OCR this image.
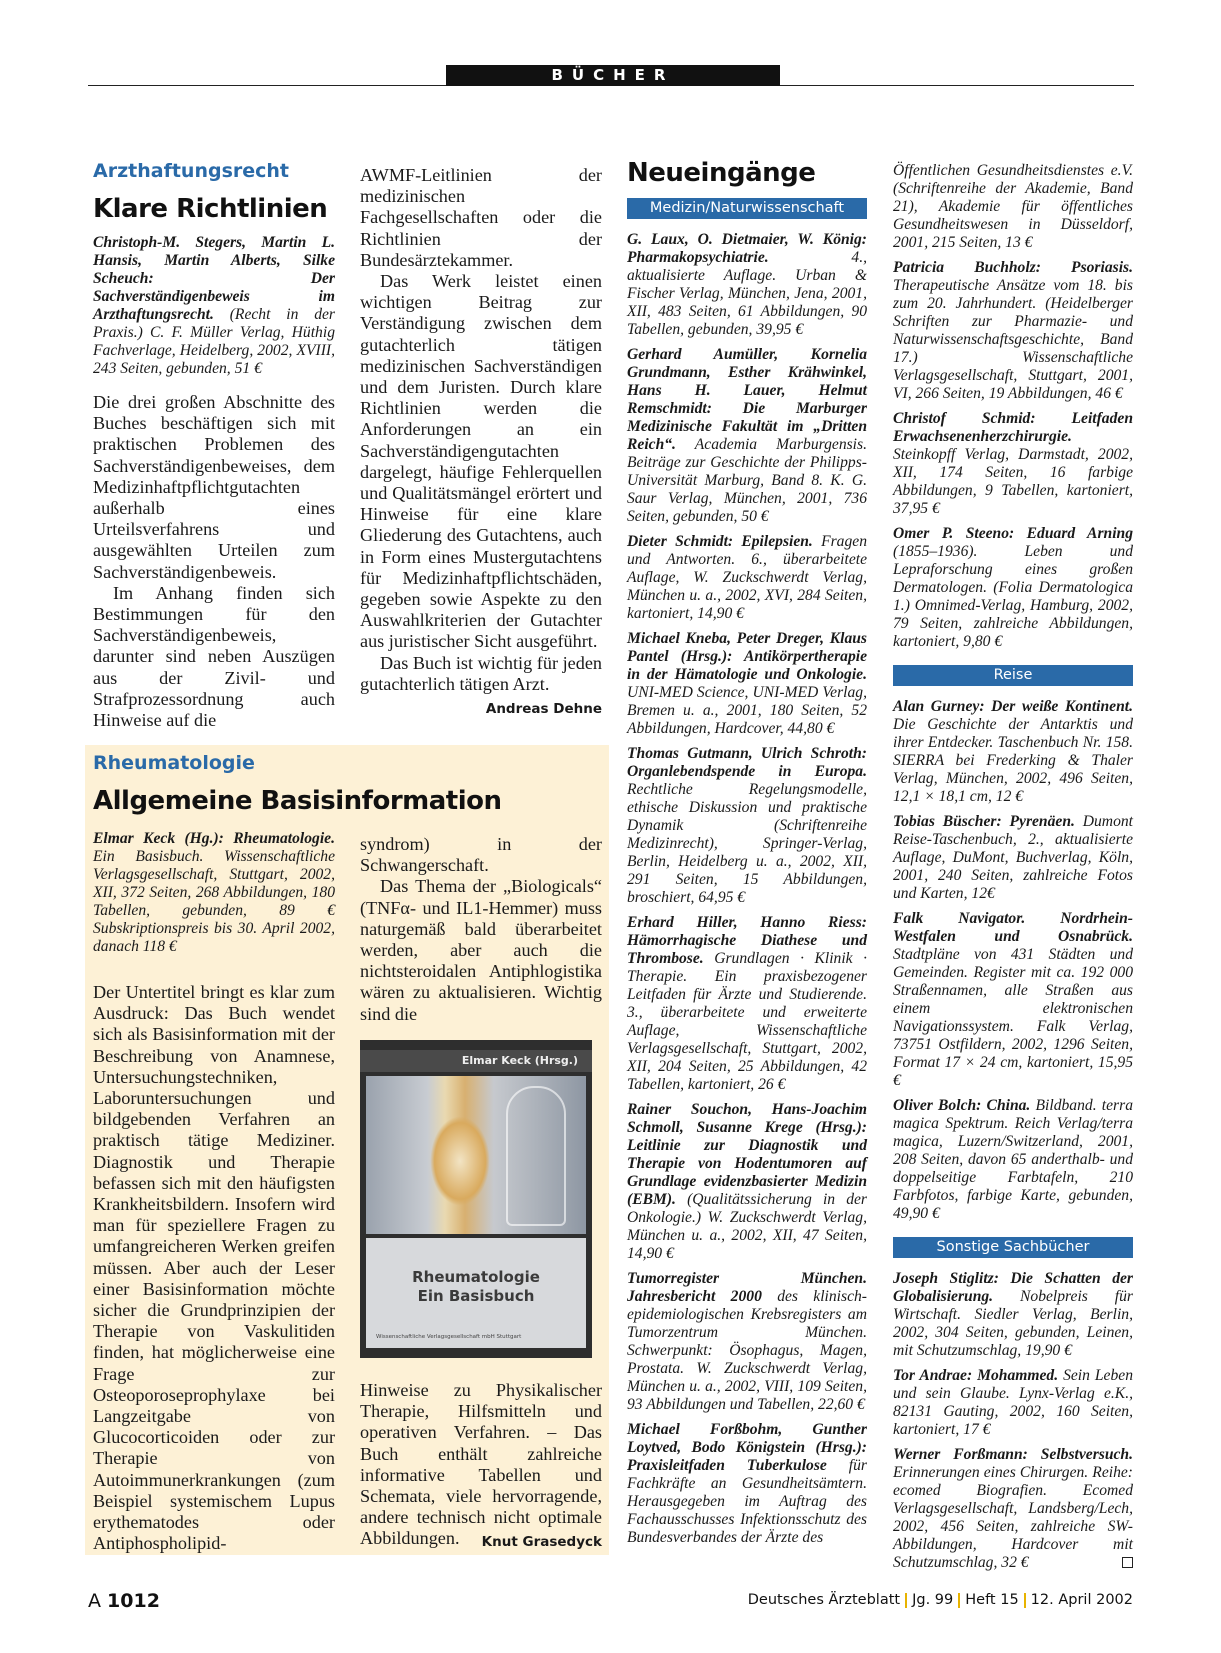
BÜCHER
Arzthaftungsrecht
Klare Richtlinien

Christoph-M. Stegers, Martin L. Hansis, Martin Alberts, Silke Scheuch: Der Sachverständigenbeweis im Arzthaftungsrecht. (Recht in der Praxis.) C. F. Müller Verlag, Hüthig Fachverlage, Heidelberg, 2002, XVIII, 243 Seiten, gebunden, 51 €

Die drei großen Abschnitte des Buches beschäftigen sich mit praktischen Problemen des Sachverständigenbeweises, dem Medizinhaftpflichtgutachten außerhalb eines Urteilsverfahrens und ausgewählten Urteilen zum Sachverständigenbeweis.

Im Anhang finden sich Bestimmungen für den Sachverständigenbeweis, darunter sind neben Auszügen aus der Zivil- und Strafprozessordnung auch Hinweise auf die

AWMF-Leitlinien der medizinischen Fachgesellschaften oder die Richtlinien der Bundesärztekammer.

Das Werk leistet einen wichtigen Beitrag zur Verständigung zwischen dem gutachterlich tätigen medizinischen Sachverständigen und dem Juristen. Durch klare Richtlinien werden die Anforderungen an ein Sachverständigengutachten dargelegt, häufige Fehlerquellen und Qualitätsmängel erörtert und Hinweise für eine klare Gliederung des Gutachtens, auch in Form eines Mustergutachtens für Medizinhaftpflichtschäden, gegeben sowie Aspekte zu den Auswahlkriterien der Gutachter aus juristischer Sicht ausgeführt.

Das Buch ist wichtig für jeden gutachterlich tätigen Arzt.
Andreas Dehne

Rheumatologie
Allgemeine Basisinformation

Elmar Keck (Hg.): Rheumatologie. Ein Basisbuch. Wissenschaftliche Verlagsgesellschaft, Stuttgart, 2002, XII, 372 Seiten, 268 Abbildungen, 180 Tabellen, gebunden, 89 € Subskriptionspreis bis 30. April 2002, danach 118 €

Der Untertitel bringt es klar zum Ausdruck: Das Buch wendet sich als Basisinformation mit der Beschreibung von Anamnese, Untersuchungstechniken, Laboruntersuchungen und bildgebenden Verfahren an praktisch tätige Mediziner. Diagnostik und Therapie befassen sich mit den häufigsten Krankheitsbildern. Insofern wird man für speziellere Fragen zu umfangreicheren Werken greifen müssen. Aber auch der Leser einer Basisinformation möchte sicher die Grundprinzipien der Therapie von Vaskulitiden finden, hat möglicherweise eine Frage zur Osteoporoseprophylaxe bei Langzeitgabe von Glucocorticoiden oder zur Therapie von Autoimmunerkrankungen (zum Beispiel systemischem Lupus erythematodes oder Antiphospholipid-

syndrom) in der Schwangerschaft.

Das Thema der „Biologicals“ (TNFα- und IL1-Hemmer) muss naturgemäß bald überarbeitet werden, aber auch die nichtsteroidalen Antiphlogistika wären zu aktualisieren. Wichtig sind die

Elmar Keck (Hrsg.)
Rheumatologie
Ein Basisbuch
Wissenschaftliche Verlagsgesellschaft mbH Stuttgart

Hinweise zu Physikalischer Therapie, Hilfsmitteln und operativen Verfahren. – Das Buch enthält zahlreiche informative Tabellen und Schemata, viele hervorragende, andere technisch nicht optimale Abbildungen. Knut Grasedyck

Neueingänge
Medizin/Naturwissenschaft

G. Laux, O. Dietmaier, W. König: Pharmakopsychiatrie. 4., aktualisierte Auflage. Urban & Fischer Verlag, München, Jena, 2001, XII, 483 Seiten, 61 Abbildungen, 90 Tabellen, gebunden, 39,95 €

Gerhard Aumüller, Kornelia Grundmann, Esther Krähwinkel, Hans H. Lauer, Helmut Remschmidt: Die Marburger Medizinische Fakultät im „Dritten Reich“. Academia Marburgensis. Beiträge zur Geschichte der Philipps-Universität Marburg, Band 8. K. G. Saur Verlag, München, 2001, 736 Seiten, gebunden, 50 €

Dieter Schmidt: Epilepsien. Fragen und Antworten. 6., überarbeitete Auflage, W. Zuckschwerdt Verlag, München u. a., 2002, XVI, 284 Seiten, kartoniert, 14,90 €

Michael Kneba, Peter Dreger, Klaus Pantel (Hrsg.): Antikörpertherapie in der Hämatologie und Onkologie. UNI-MED Science, UNI-MED Verlag, Bremen u. a., 2001, 180 Seiten, 52 Abbildungen, Hardcover, 44,80 €

Thomas Gutmann, Ulrich Schroth: Organlebendspende in Europa. Rechtliche Regelungsmodelle, ethische Diskussion und praktische Dynamik (Schriftenreihe Medizinrecht), Springer-Verlag, Berlin, Heidelberg u. a., 2002, XII, 291 Seiten, 15 Abbildungen, broschiert, 64,95 €

Erhard Hiller, Hanno Riess: Hämorrhagische Diathese und Thrombose. Grundlagen · Klinik · Therapie. Ein praxisbezogener Leitfaden für Ärzte und Studierende. 3., überarbeitete und erweiterte Auflage, Wissenschaftliche Verlagsgesellschaft, Stuttgart, 2002, XII, 204 Seiten, 25 Abbildungen, 42 Tabellen, kartoniert, 26 €

Rainer Souchon, Hans-Joachim Schmoll, Susanne Krege (Hrsg.): Leitlinie zur Diagnostik und Therapie von Hodentumoren auf Grundlage evidenzbasierter Medizin (EBM). (Qualitätssicherung in der Onkologie.) W. Zuckschwerdt Verlag, München u. a., 2002, XII, 47 Seiten, 14,90 €

Tumorregister München. Jahresbericht 2000 des klinisch-epidemiologischen Krebsregisters am Tumorzentrum München. Schwerpunkt: Ösophagus, Magen, Prostata. W. Zuckschwerdt Verlag, München u. a., 2002, VIII, 109 Seiten, 93 Abbildungen und Tabellen, 22,60 €

Michael Forßbohm, Gunther Loytved, Bodo Königstein (Hrsg.): Praxisleitfaden Tuberkulose für Fachkräfte an Gesundheitsämtern. Herausgegeben im Auftrag des Fachausschusses Infektionsschutz des Bundesverbandes der Ärzte des

Öffentlichen Gesundheitsdienstes e.V. (Schriftenreihe der Akademie, Band 21), Akademie für öffentliches Gesundheitswesen in Düsseldorf, 2001, 215 Seiten, 13 €

Patricia Buchholz: Psoriasis. Therapeutische Ansätze vom 18. bis zum 20. Jahrhundert. (Heidelberger Schriften zur Pharmazie- und Naturwissenschaftsgeschichte, Band 17.) Wissenschaftliche Verlagsgesellschaft, Stuttgart, 2001, VI, 266 Seiten, 19 Abbildungen, 46 €

Christof Schmid: Leitfaden Erwachsenenherzchirurgie. Steinkopff Verlag, Darmstadt, 2002, XII, 174 Seiten, 16 farbige Abbildungen, 9 Tabellen, kartoniert, 37,95 €

Omer P. Steeno: Eduard Arning (1855–1936). Leben und Lepraforschung eines großen Dermatologen. (Folia Dermatologica 1.) Omnimed-Verlag, Hamburg, 2002, 79 Seiten, zahlreiche Abbildungen, kartoniert, 9,80 €

Reise

Alan Gurney: Der weiße Kontinent. Die Geschichte der Antarktis und ihrer Entdecker. Taschenbuch Nr. 158. SIERRA bei Frederking & Thaler Verlag, München, 2002, 496 Seiten, 12,1 × 18,1 cm, 12 €

Tobias Büscher: Pyrenäen. Dumont Reise-Taschenbuch, 2., aktualisierte Auflage, DuMont, Buchverlag, Köln, 2001, 240 Seiten, zahlreiche Fotos und Karten, 12€

Falk Navigator. Nordrhein-Westfalen und Osnabrück. Stadtpläne von 431 Städten und Gemeinden. Register mit ca. 192 000 Straßennamen, alle Straßen aus einem elektronischen Navigationssystem. Falk Verlag, 73751 Ostfildern, 2002, 1296 Seiten, Format 17 × 24 cm, kartoniert, 15,95 €

Oliver Bolch: China. Bildband. terra magica Spektrum. Reich Verlag/terra magica, Luzern/Switzerland, 2001, 208 Seiten, davon 65 anderthalb- und doppelseitige Farbtafeln, 210 Farbfotos, farbige Karte, gebunden, 49,90 €

Sonstige Sachbücher

Joseph Stiglitz: Die Schatten der Globalisierung. Nobelpreis für Wirtschaft. Siedler Verlag, Berlin, 2002, 304 Seiten, gebunden, Leinen, mit Schutzumschlag, 19,90 €

Tor Andrae: Mohammed. Sein Leben und sein Glaube. Lynx-Verlag e.K., 82131 Gauting, 2002, 160 Seiten, kartoniert, 17 €

Werner Forßmann: Selbstversuch. Erinnerungen eines Chirurgen. Reihe: ecomed Biografien. Ecomed Verlagsgesellschaft, Landsberg/Lech, 2002, 456 Seiten, zahlreiche SW-Abbildungen, Hardcover mit Schutzumschlag, 32 €

A 1012	Deutsches Ärzteblatt Jg. 99 Heft 15 12. April 2002
